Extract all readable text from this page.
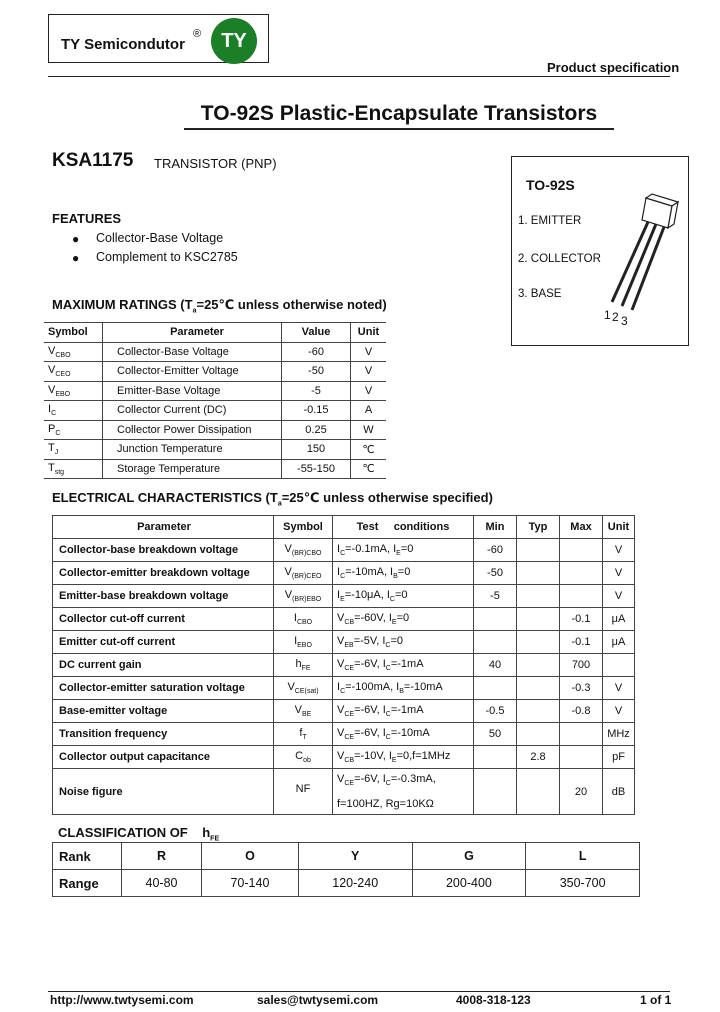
TY Semicondutor
®	TY
Product specification
TO-92S Plastic-Encapsulate Transistors
KSA1175 TRANSISTOR (PNP)
TO-92S
1. EMITTER
2. COLLECTOR
3. BASE
1 2 3
FEATURES
● Collector-Base Voltage
● Complement to KSC2785
MAXIMUM RATINGS ($T_a=25℃$ unless otherwise noted)
Symbol	Parameter	Value	Unit
$V_{CBO}$	Collector-Base Voltage	-60	V
$V_{CEO}$	Collector-Emitter Voltage	-50	V
$V_{EBO}$	Emitter-Base Voltage	-5	V
$I_C$	Collector Current (DC)	-0.15	A
$P_C$	Collector Power Dissipation	0.25	W
$T_J$	Junction Temperature	150	℃
$T_{stg}$	Storage Temperature	-55-150	℃
ELECTRICAL CHARACTERISTICS ($T_a=25℃$ unless otherwise specified)
Parameter	Symbol	Test     conditions	Min	Typ	Max	Unit
Collector-base breakdown voltage	$V_{(BR)CBO}$	$I_C=-0.1mA$, $I_E=0$	-60			V
Collector-emitter breakdown voltage	$V_{(BR)CEO}$	$I_C=-10mA$, $I_B=0$	-50			V
Emitter-base breakdown voltage	$V_{(BR)EBO}$	$I_E=-10\mu A$, $I_C=0$	-5			V
Collector cut-off current	$I_{CBO}$	$V_{CB}=-60V$, $I_E=0$			-0.1	μA
Emitter cut-off current	$I_{EBO}$	$V_{EB}=-5V$, $I_C=0$			-0.1	μA
DC current gain	$h_{FE}$	$V_{CE}=-6V$, $I_C=-1mA$	40		700	
Collector-emitter saturation voltage	$V_{CE(sat)}$	$I_C=-100mA$, $I_B=-10mA$			-0.3	V
Base-emitter voltage	$V_{BE}$	$V_{CE}=-6V$, $I_C=-1mA$	-0.5		-0.8	V
Transition frequency	$f_T$	$V_{CE}=-6V$, $I_C=-10mA$	50			MHz
Collector output capacitance	$C_{ob}$	$V_{CB}=-10V$, $I_E=0,f=1MHz$		2.8		pF
Noise figure	NF	$V_{CE}=-6V$, $I_C=-0.3mA$,
f=100HZ, Rg=10KΩ			20	dB
CLASSIFICATION OF $h_{FE}$
Rank	R	O	Y	G	L
Range	40-80	70-140	120-240	200-400	350-700
http://www.twtysemi.com	sales@twtysemi.com	4008-318-123	1 of 1
